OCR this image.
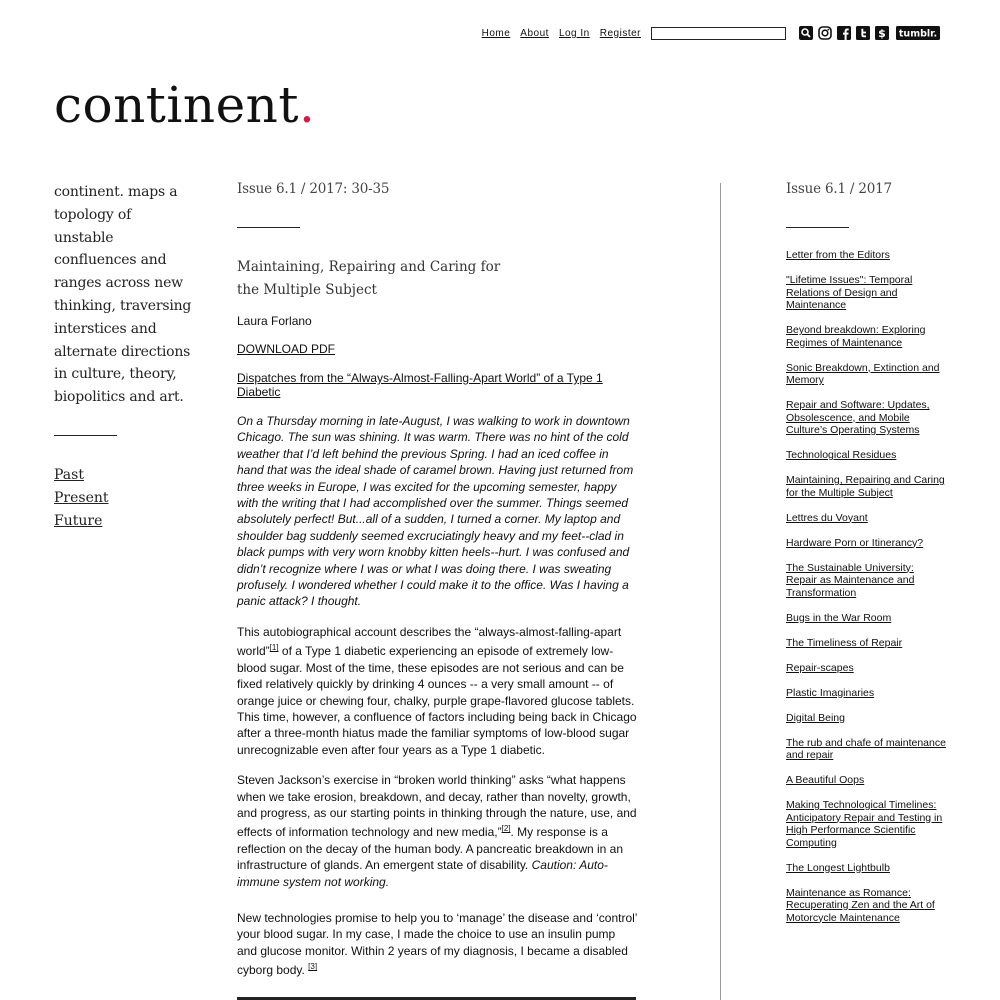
Home About Log In Register	$ tumblr.
continent.

continent. maps a topology of unstable confluences and ranges across new thinking, traversing interstices and alternate directions in culture, theory, biopolitics and art.

Past
Present
Future
Issue 6.1 / 2017: 30-35
Maintaining, Repairing and Caring for the Multiple Subject

Laura Forlano

DOWNLOAD PDF
Dispatches from the “Always-Almost-Falling-Apart World” of a Type 1 Diabetic

On a Thursday morning in late-August, I was walking to work in downtown Chicago. The sun was shining. It was warm. There was no hint of the cold weather that I’d left behind the previous Spring. I had an iced coffee in hand that was the ideal shade of caramel brown. Having just returned from three weeks in Europe, I was excited for the upcoming semester, happy with the writing that I had accomplished over the summer. Things seemed absolutely perfect! But...all of a sudden, I turned a corner. My laptop and shoulder bag suddenly seemed excruciatingly heavy and my feet--clad in black pumps with very worn knobby kitten heels--hurt. I was confused and didn’t recognize where I was or what I was doing there. I was sweating profusely. I wondered whether I could make it to the office. Was I having a panic attack? I thought.

This autobiographical account describes the “always-almost-falling-apart world”[1] of a Type 1 diabetic experiencing an episode of extremely low-blood sugar. Most of the time, these episodes are not serious and can be fixed relatively quickly by drinking 4 ounces -- a very small amount -- of orange juice or chewing four, chalky, purple grape-flavored glucose tablets. This time, however, a confluence of factors including being back in Chicago after a three-month hiatus made the familiar symptoms of low-blood sugar unrecognizable even after four years as a Type 1 diabetic.

Steven Jackson’s exercise in “broken world thinking” asks “what happens when we take erosion, breakdown, and decay, rather than novelty, growth, and progress, as our starting points in thinking through the nature, use, and effects of information technology and new media,”[2]. My response is a reflection on the decay of the human body. A pancreatic breakdown in an infrastructure of glands. An emergent state of disability. Caution: Auto-immune system not working.

New technologies promise to help you to ‘manage’ the disease and ‘control’ your blood sugar. In my case, I made the choice to use an insulin pump and glucose monitor. Within 2 years of my diagnosis, I became a disabled cyborg body. [3]

Issue 6.1 / 2017
Letter from the Editors
"Lifetime Issues": Temporal Relations of Design and Maintenance
Beyond breakdown: Exploring Regimes of Maintenance
Sonic Breakdown, Extinction and Memory
Repair and Software: Updates, Obsolescence, and Mobile Culture’s Operating Systems
Technological Residues
Maintaining, Repairing and Caring for the Multiple Subject
Lettres du Voyant
Hardware Porn or Itinerancy?
The Sustainable University: Repair as Maintenance and Transformation
Bugs in the War Room
The Timeliness of Repair
Repair-scapes
Plastic Imaginaries
Digital Being
The rub and chafe of maintenance and repair
A Beautiful Oops
Making Technological Timelines: Anticipatory Repair and Testing in High Performance Scientific Computing
The Longest Lightbulb
Maintenance as Romance: Recuperating Zen and the Art of Motorcycle Maintenance
